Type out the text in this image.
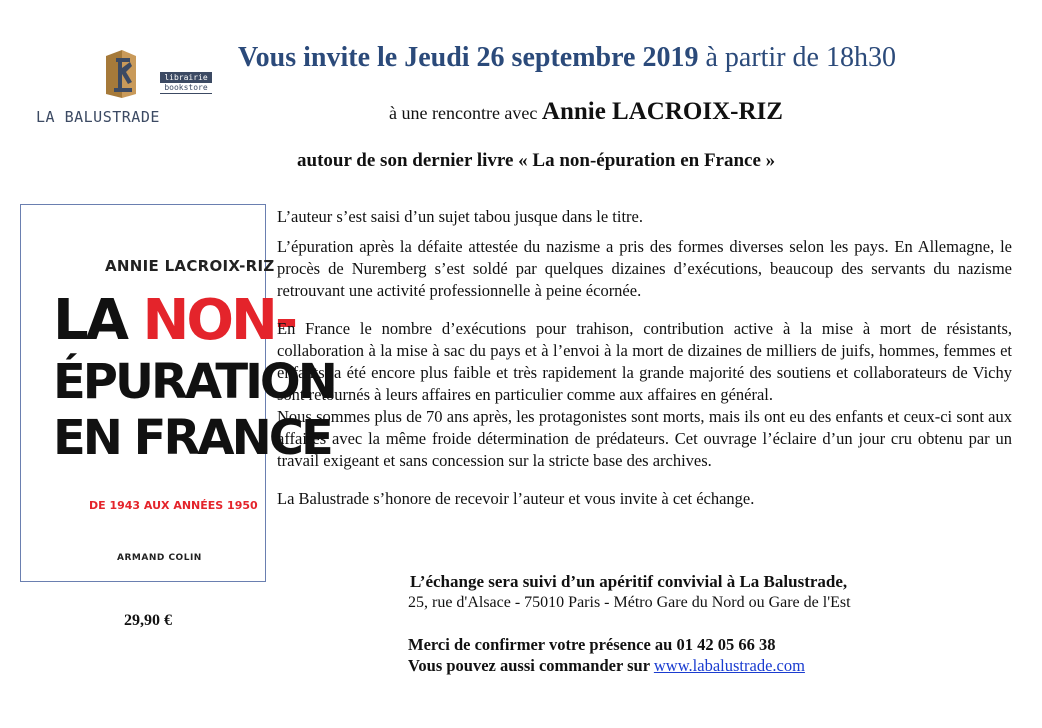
librairie
bookstore
LA BALUSTRADE
Vous invite le Jeudi 26 septembre 2019 à partir de 18h30
à une rencontre avec Annie LACROIX-RIZ
autour de son dernier livre « La non-épuration en France »
ANNIE LACROIX-RIZ
LA NON-
ÉPURATION
EN FRANCE
DE 1943 AUX ANNÉES 1950
ARMAND COLIN
29,90 €

L’auteur s’est saisi d’un sujet tabou jusque dans le titre.

L’épuration après la défaite attestée du nazisme a pris des formes diverses selon les pays. En Allemagne, le procès de Nuremberg s’est soldé par quelques dizaines d’exécutions, beaucoup des servants du nazisme retrouvant une activité professionnelle à peine écornée.

En France le nombre d’exécutions pour trahison, contribution active à la mise à mort de résistants, collaboration à la mise à sac du pays et à l’envoi à la mort de dizaines de milliers de juifs, hommes, femmes et enfants, a été encore plus faible et très rapidement la grande majorité des soutiens et collaborateurs de Vichy sont retournés à leurs affaires en particulier comme aux affaires en général.

Nous sommes plus de 70 ans après, les protagonistes sont morts, mais ils ont eu des enfants et ceux-ci sont aux affaires avec la même froide détermination de prédateurs. Cet ouvrage l’éclaire d’un jour cru obtenu par un travail exigeant et sans concession sur la stricte base des archives.

La Balustrade s’honore de recevoir l’auteur et vous invite à cet échange.

L’échange sera suivi d’un apéritif convivial à La Balustrade,
25, rue d'Alsace - 75010 Paris - Métro Gare du Nord ou Gare de l'Est
Merci de confirmer votre présence au 01 42 05 66 38
Vous pouvez aussi commander sur www.labalustrade.com
